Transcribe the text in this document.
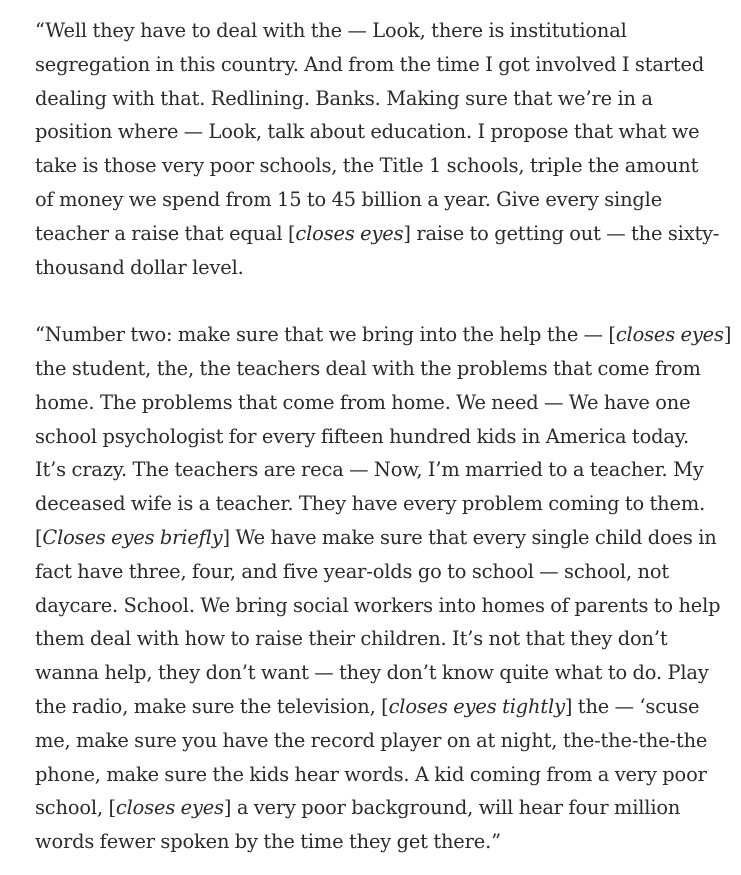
“Well they have to deal with the — Look, there is institutional
segregation in this country. And from the time I got involved I started
dealing with that. Redlining. Banks. Making sure that we’re in a
position where — Look, talk about education. I propose that what we
take is those very poor schools, the Title 1 schools, triple the amount
of money we spend from 15 to 45 billion a year. Give every single
teacher a raise that equal [closes eyes] raise to getting out — the sixty-
thousand dollar level.
“Number two: make sure that we bring into the help the — [closes eyes]
the student, the, the teachers deal with the problems that come from
home. The problems that come from home. We need — We have one
school psychologist for every fifteen hundred kids in America today.
It’s crazy. The teachers are reca — Now, I’m married to a teacher. My
deceased wife is a teacher. They have every problem coming to them.
[Closes eyes briefly] We have make sure that every single child does in
fact have three, four, and five year-olds go to school — school, not
daycare. School. We bring social workers into homes of parents to help
them deal with how to raise their children. It’s not that they don’t
wanna help, they don’t want — they don’t know quite what to do. Play
the radio, make sure the television, [closes eyes tightly] the — ‘scuse
me, make sure you have the record player on at night, the-the-the-the
phone, make sure the kids hear words. A kid coming from a very poor
school, [closes eyes] a very poor background, will hear four million
words fewer spoken by the time they get there.”
